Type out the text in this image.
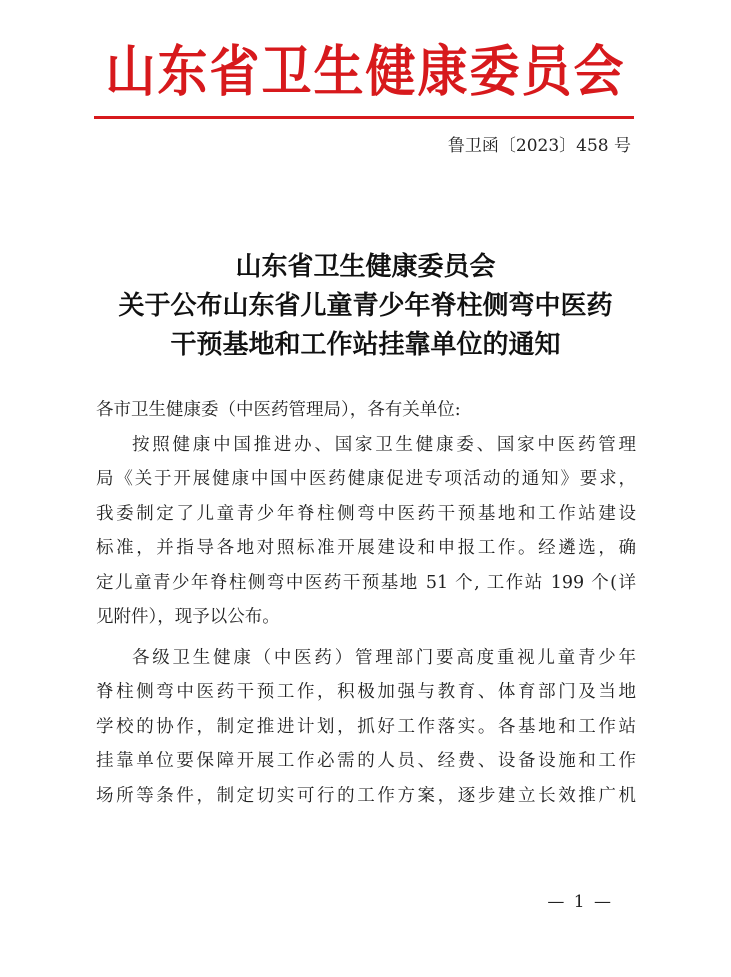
山东省卫生健康委员会
鲁卫函〔2023〕458 号
山东省卫生健康委员会
关于公布山东省儿童青少年脊柱侧弯中医药
干预基地和工作站挂靠单位的通知
各市卫生健康委（中医药管理局），各有关单位:
按照健康中国推进办、国家卫生健康委、国家中医药管理
局《关于开展健康中国中医药健康促进专项活动的通知》要求，
我委制定了儿童青少年脊柱侧弯中医药干预基地和工作站建设
标准，并指导各地对照标准开展建设和申报工作。经遴选，确
定儿童青少年脊柱侧弯中医药干预基地 51 个, 工作站 199 个(详
见附件），现予以公布。
各级卫生健康（中医药）管理部门要高度重视儿童青少年
脊柱侧弯中医药干预工作，积极加强与教育、体育部门及当地
学校的协作，制定推进计划，抓好工作落实。各基地和工作站
挂靠单位要保障开展工作必需的人员、经费、设备设施和工作
场所等条件，制定切实可行的工作方案，逐步建立长效推广机
— 1 —
